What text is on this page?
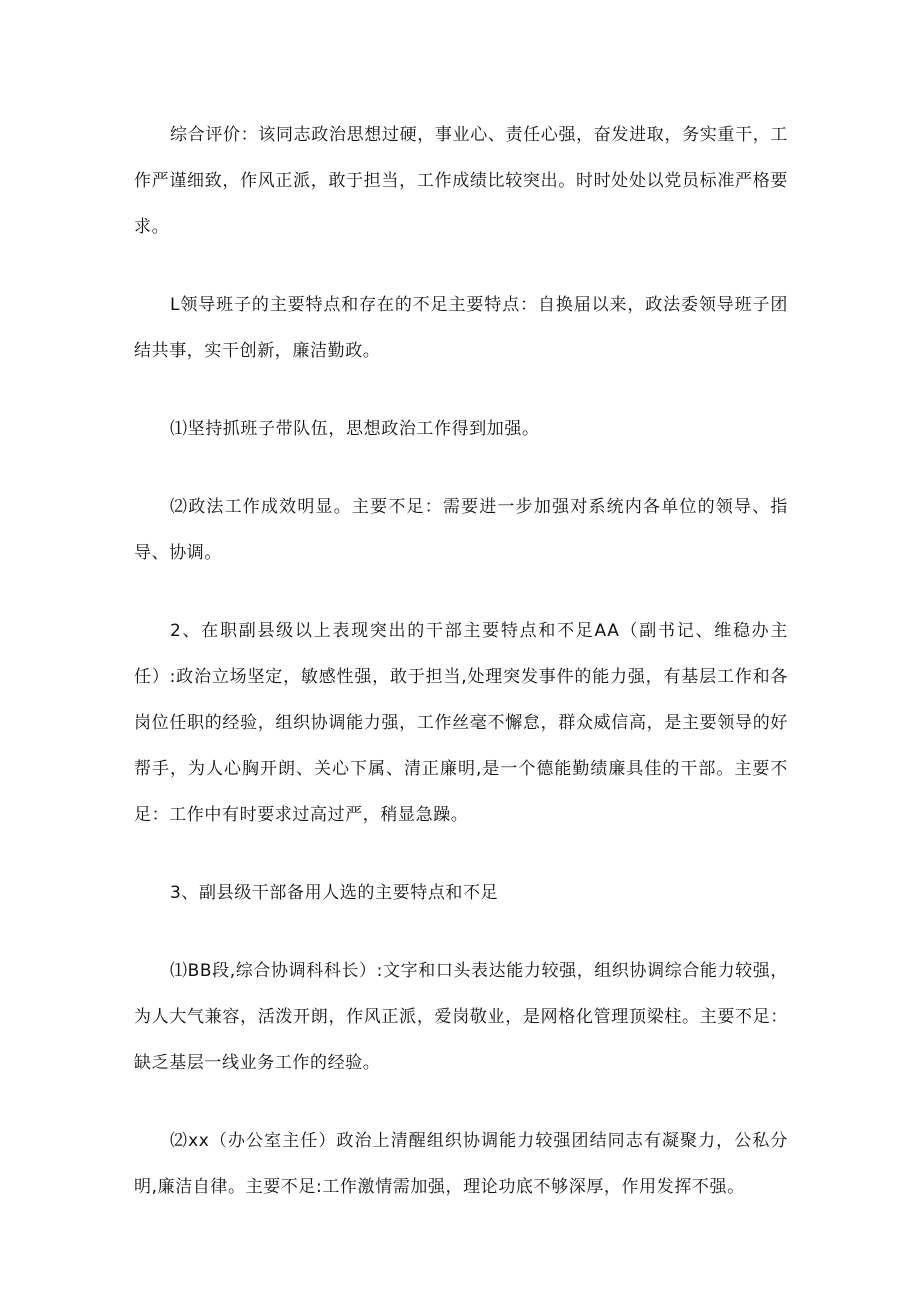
综合评价：该同志政治思想过硬，事业心、责任心强，奋发进取，务实重干，工作严谨细致，作风正派，敢于担当，工作成绩比较突出。时时处处以党员标准严格要求。

L领导班子的主要特点和存在的不足主要特点：自换届以来，政法委领导班子团结共事，实干创新，廉洁勤政。

⑴坚持抓班子带队伍，思想政治工作得到加强。

⑵政法工作成效明显。主要不足：需要进一步加强对系统内各单位的领导、指导、协调。

2、在职副县级以上表现突出的干部主要特点和不足AA（副书记、维稳办主任）:政治立场坚定，敏感性强，敢于担当,处理突发事件的能力强，有基层工作和各岗位任职的经验，组织协调能力强，工作丝毫不懈怠，群众威信高，是主要领导的好帮手，为人心胸开朗、关心下属、清正廉明,是一个德能勤绩廉具佳的干部。主要不足：工作中有时要求过高过严，稍显急躁。

3、副县级干部备用人选的主要特点和不足

⑴BB段,综合协调科科长）:文字和口头表达能力较强，组织协调综合能力较强，为人大气兼容，活泼开朗，作风正派，爱岗敬业，是网格化管理顶梁柱。主要不足：缺乏基层一线业务工作的经验。

⑵xx（办公室主任）政治上清醒组织协调能力较强团结同志有凝聚力，公私分明,廉洁自律。主要不足:工作激情需加强，理论功底不够深厚，作用发挥不强。
